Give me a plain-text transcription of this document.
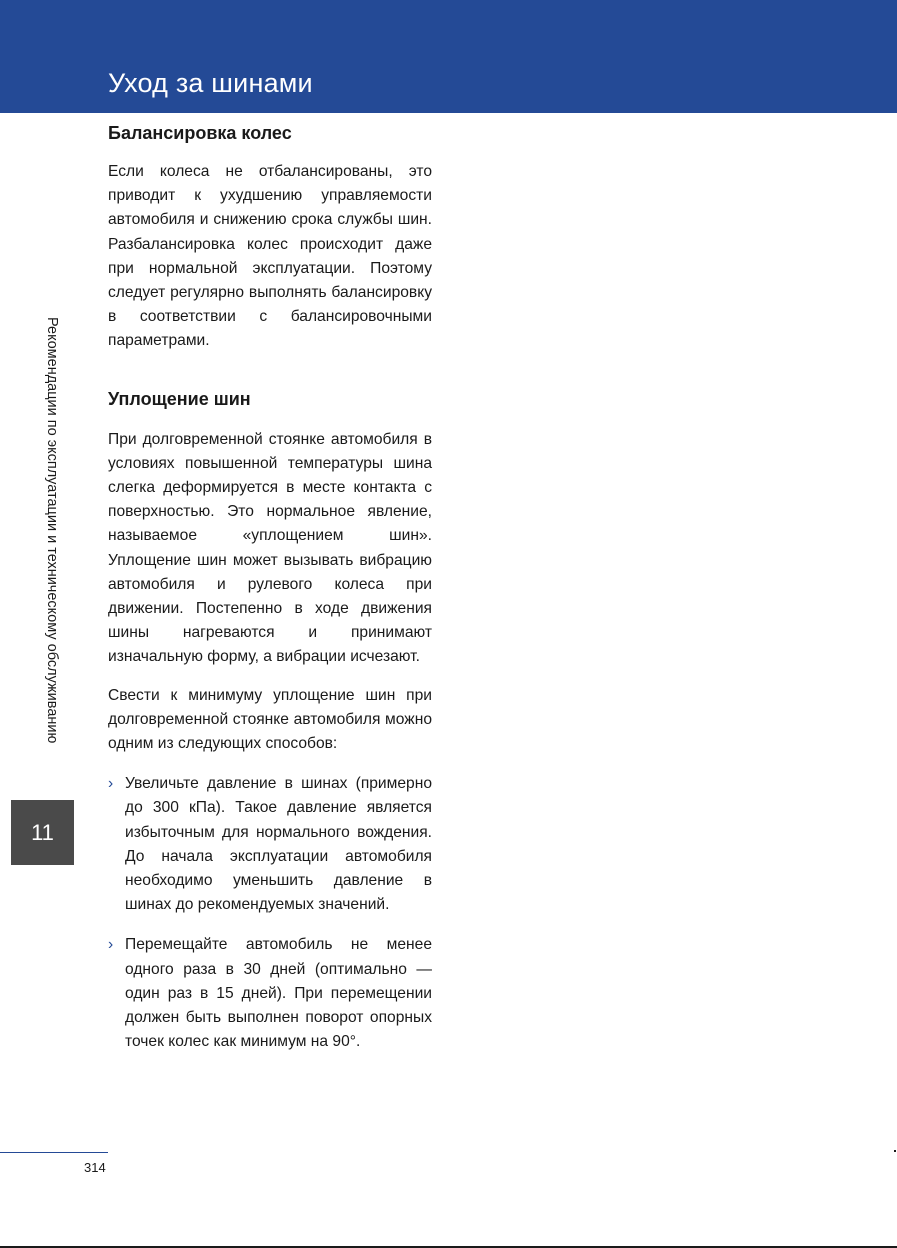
Уход за шинами
Рекомендации по эксплуатации и техническому обслуживанию
11
Балансировка колес

Если колеса не отбалансированы, это приводит к ухудшению управляемости автомобиля и снижению срока службы шин. Разбалансировка колес происходит даже при нормальной эксплуатации. Поэтому следует регулярно выполнять балансировку в соответствии с балансировочными параметрами.

Уплощение шин

При долговременной стоянке автомобиля в условиях повышенной температуры шина слегка деформируется в месте контакта с поверхностью. Это нормальное явление, называемое «уплощением шин». Уплощение шин может вызывать вибрацию автомобиля и рулевого колеса при движении. Постепенно в ходе движения шины нагреваются и принимают изначальную форму, а вибрации исчезают.

Свести к минимуму уплощение шин при долговременной стоянке автомобиля можно одним из следующих способов:

› Увеличьте давление в шинах (примерно до 300 кПа). Такое давление является избыточным для нормального вождения. До начала эксплуатации автомобиля необходимо уменьшить давление в шинах до рекомендуемых значений.

› Перемещайте автомобиль не менее одного раза в 30 дней (оптимально — один раз в 15 дней). При перемещении должен быть выполнен поворот опорных точек колес как минимум на 90°.

314
